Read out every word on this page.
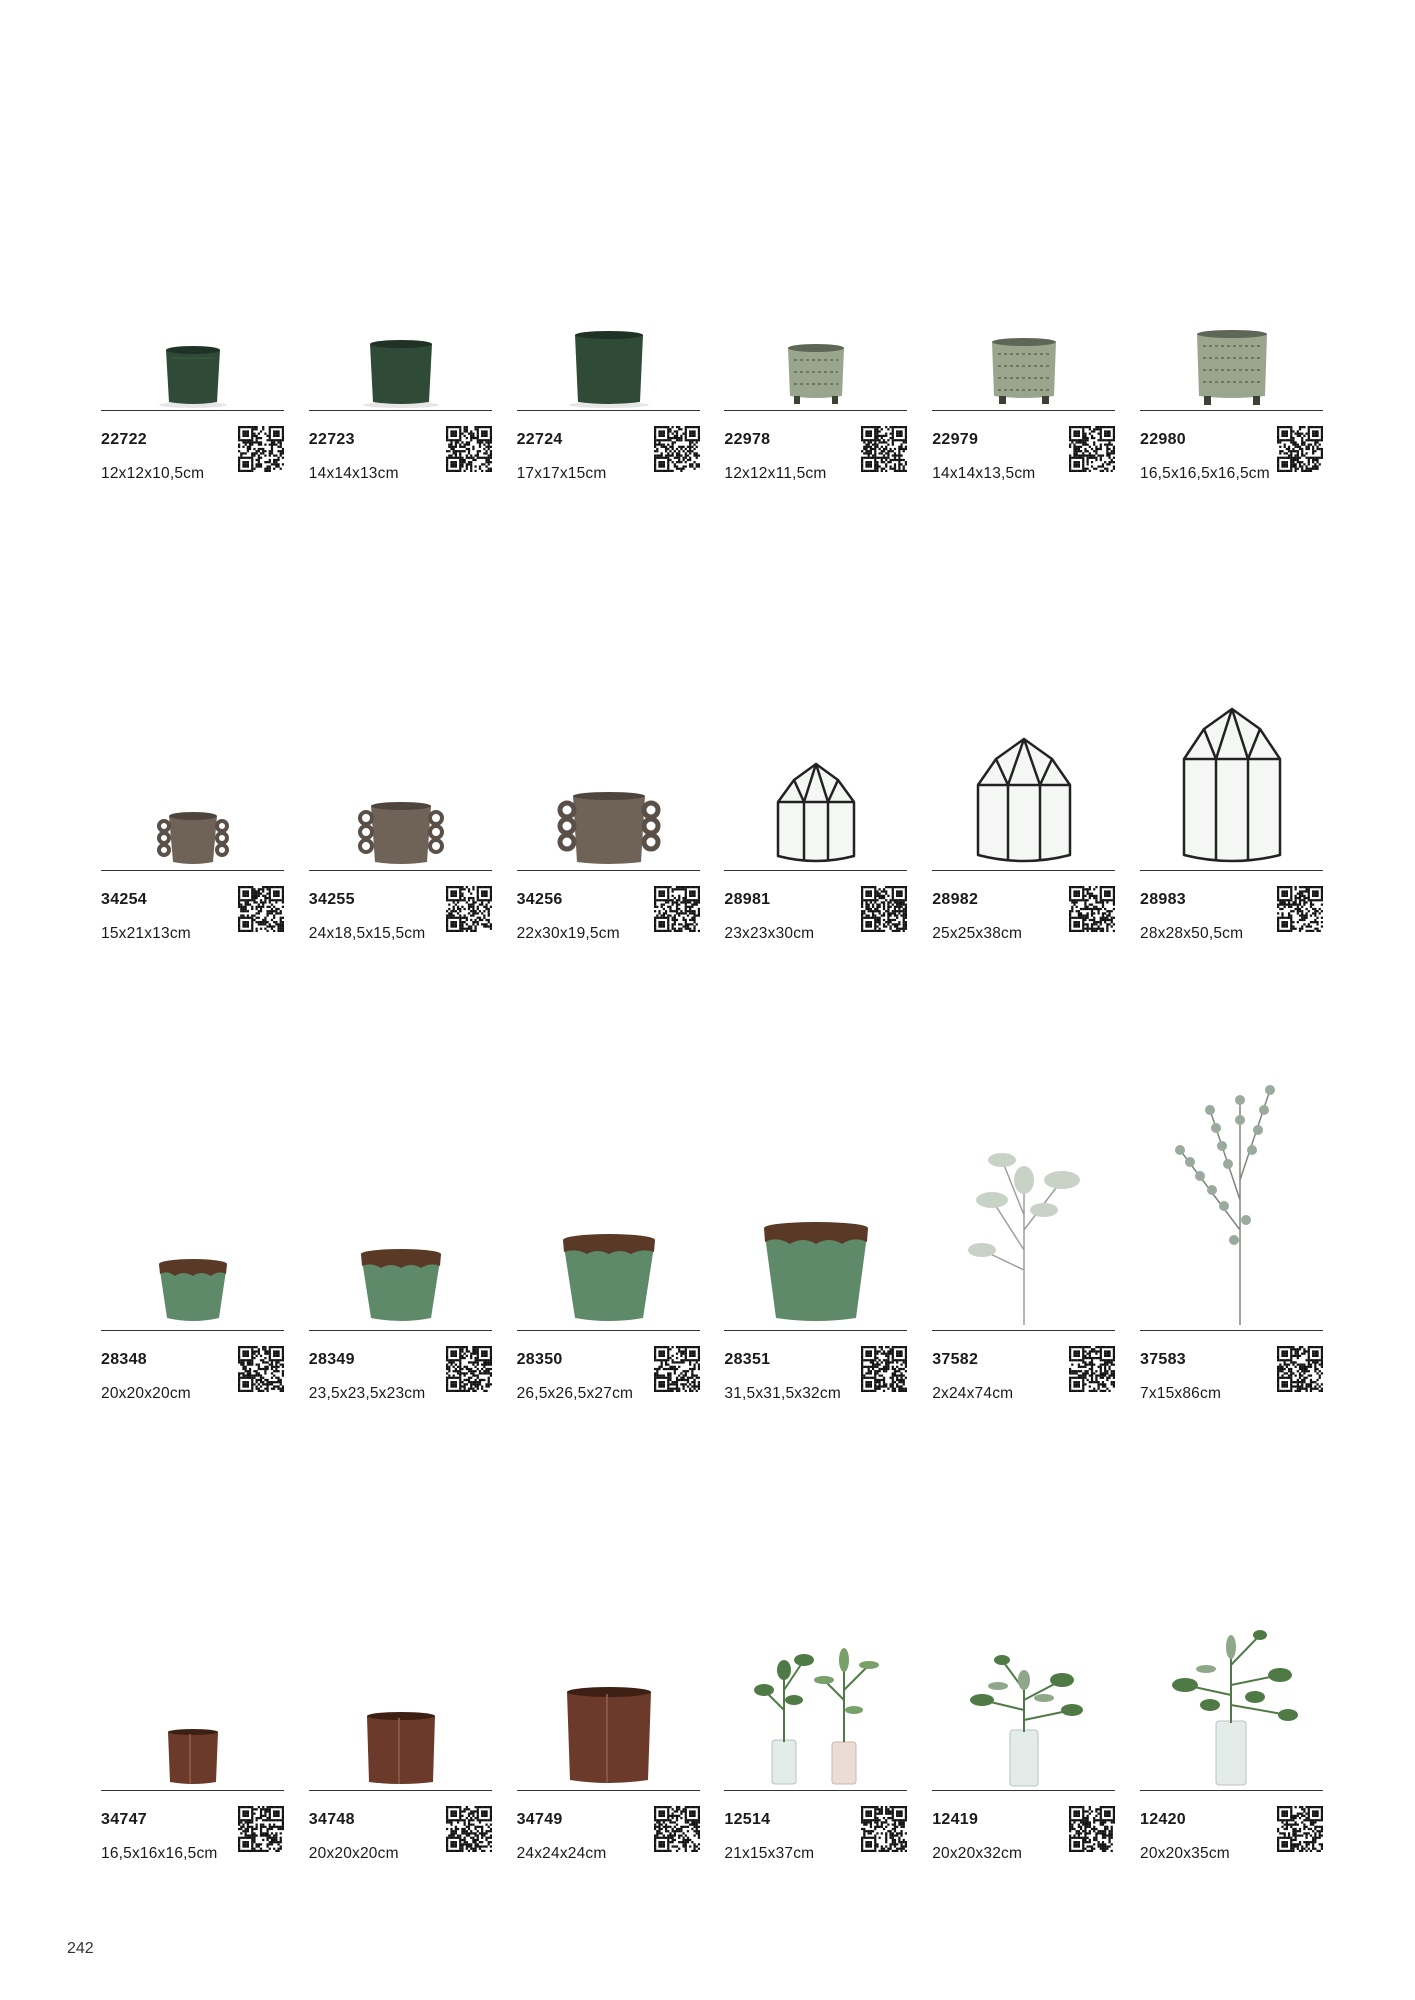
22722
12x12x10,5cm
22723
14x14x13cm
22724
17x17x15cm
22978
12x12x11,5cm
22979
14x14x13,5cm
22980
16,5x16,5x16,5cm
34254
15x21x13cm
34255
24x18,5x15,5cm
34256
22x30x19,5cm
28981
23x23x30cm
28982
25x25x38cm
28983
28x28x50,5cm
28348
20x20x20cm
28349
23,5x23,5x23cm
28350
26,5x26,5x27cm
28351
31,5x31,5x32cm
37582
2x24x74cm
37583
7x15x86cm
34747
16,5x16x16,5cm
34748
20x20x20cm
34749
24x24x24cm
12514
21x15x37cm
12419
20x20x32cm
12420
20x20x35cm
242
